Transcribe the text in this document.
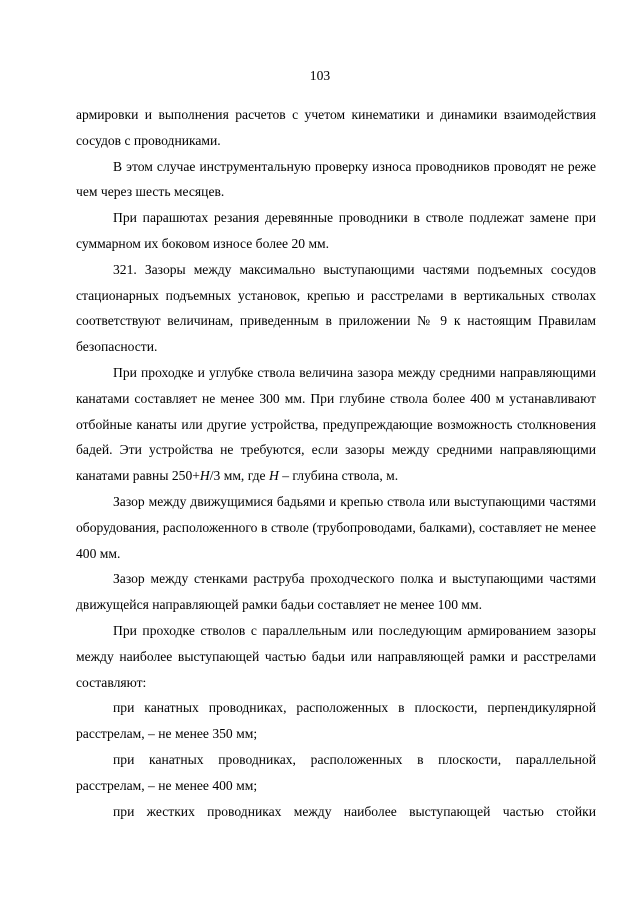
103

армировки и выполнения расчетов с учетом кинематики и динамики взаимодействия сосудов с проводниками.

В этом случае инструментальную проверку износа проводников проводят не реже чем через шесть месяцев.

При парашютах резания деревянные проводники в стволе подлежат замене при суммарном их боковом износе более 20 мм.

321. Зазоры между максимально выступающими частями подъемных сосудов стационарных подъемных установок, крепью и расстрелами в вертикальных стволах соответствуют величинам, приведенным в приложении № 9 к настоящим Правилам безопасности.

При проходке и углубке ствола величина зазора между средними направляющими канатами составляет не менее 300 мм. При глубине ствола более 400 м устанавливают отбойные канаты или другие устройства, предупреждающие возможность столкновения бадей. Эти устройства не требуются, если зазоры между средними направляющими канатами равны 250+H/3 мм, где H – глубина ствола, м.

Зазор между движущимися бадьями и крепью ствола или выступающими частями оборудования, расположенного в стволе (трубопроводами, балками), составляет не менее 400 мм.

Зазор между стенками раструба проходческого полка и выступающими частями движущейся направляющей рамки бадьи составляет не менее 100 мм.

При проходке стволов с параллельным или последующим армированием зазоры между наиболее выступающей частью бадьи или направляющей рамки и расстрелами составляют:

при канатных проводниках, расположенных в плоскости, перпендикулярной расстрелам, – не менее 350 мм;

при канатных проводниках, расположенных в плоскости, параллельной расстрелам, – не менее 400 мм;

при жестких проводниках между наиболее выступающей частью стойки
